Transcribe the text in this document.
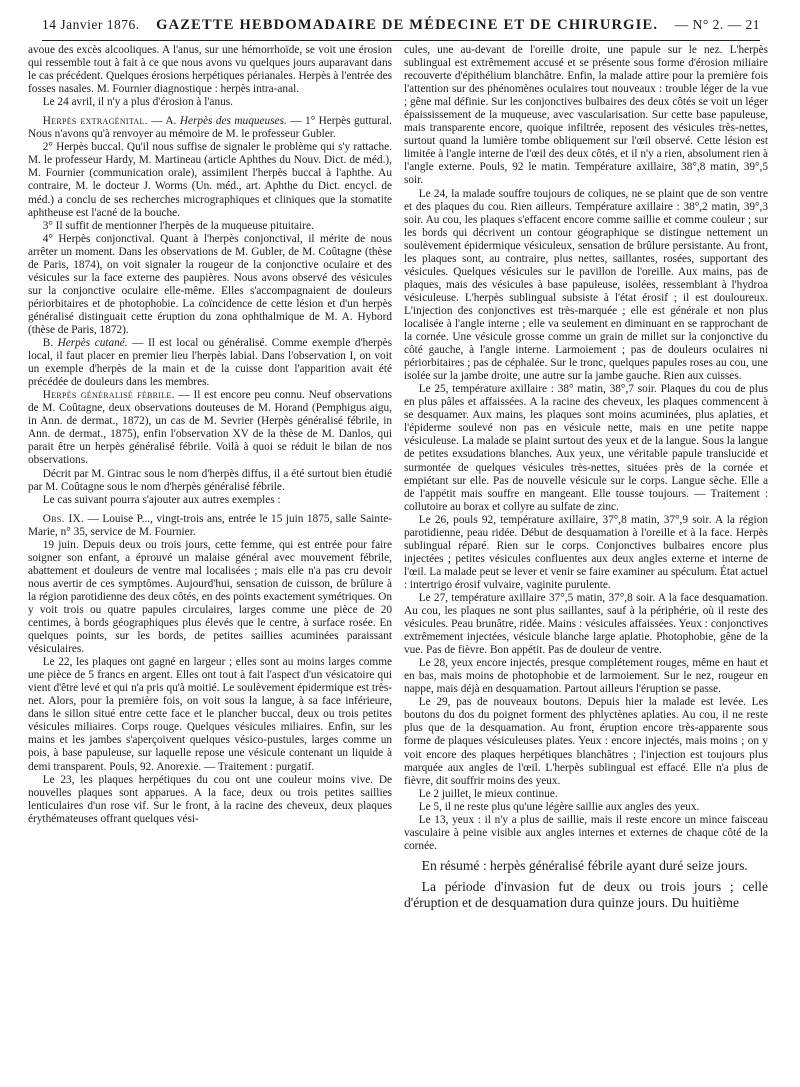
14 Janvier 1876. GAZETTE HEBDOMADAIRE DE MÉDECINE ET DE CHIRURGIE. — N° 2. — 21

avoue des excès alcooliques. A l'anus, sur une hémorrhoïde, se voit une érosion qui ressemble tout à fait à ce que nous avons vu quelques jours auparavant dans le cas précédent. Quelques érosions herpétiques périanales. Herpès à l'entrée des fosses nasales. M. Fournier diagnostique : herpès intra-anal.

Le 24 avril, il n'y a plus d'érosion à l'anus.

Herpès extragénital. — A. Herpès des muqueuses. — 1° Herpès guttural. Nous n'avons qu'à renvoyer au mémoire de M. le professeur Gubler.

2° Herpès buccal. Qu'il nous suffise de signaler le problème qui s'y rattache. M. le professeur Hardy, M. Martineau (article Aphthes du Nouv. Dict. de méd.), M. Fournier (communication orale), assimilent l'herpès buccal à l'aphthe. Au contraire, M. le docteur J. Worms (Un. méd., art. Aphthe du Dict. encycl. de méd.) a conclu de ses recherches micrographiques et cliniques que la stomatite aphtheuse est l'acné de la bouche.

3° Il suffit de mentionner l'herpès de la muqueuse pituitaire.

4° Herpès conjonctival. Quant à l'herpès conjonctival, il mérite de nous arrêter un moment. Dans les observations de M. Gubler, de M. Coûtagne (thèse de Paris, 1874), on voit signaler la rougeur de la conjonctive oculaire et des vésicules sur la face externe des paupières. Nous avons observé des vésicules sur la conjonctive oculaire elle-même. Elles s'accompagnaient de douleurs périorbitaires et de photophobie. La coïncidence de cette lésion et d'un herpès généralisé distinguait cette éruption du zona ophthalmique de M. A. Hybord (thèse de Paris, 1872).

B. Herpès cutané. — Il est local ou généralisé. Comme exemple d'herpès local, il faut placer en premier lieu l'herpès labial. Dans l'observation I, on voit un exemple d'herpès de la main et de la cuisse dont l'apparition avait été précédée de douleurs dans les membres.

Herpès généralisé fébrile. — Il est encore peu connu. Neuf observations de M. Coûtagne, deux observations douteuses de M. Horand (Pemphigus aigu, in Ann. de dermat., 1872), un cas de M. Sevrier (Herpès généralisé fébrile, in Ann. de dermat., 1875), enfin l'observation XV de la thèse de M. Danlos, qui parait être un herpès généralisé fébrile. Voilà à quoi se réduit le bilan de nos observations.

Décrit par M. Gintrac sous le nom d'herpès diffus, il a été surtout bien étudié par M. Coûtagne sous le nom d'herpès généralisé fébrile.

Le cas suivant pourra s'ajouter aux autres exemples :

Obs. IX. — Louise P..., vingt-trois ans, entrée le 15 juin 1875, salle Sainte-Marie, n° 35, service de M. Fournier.

19 juin. Depuis deux ou trois jours, cette femme, qui est entrée pour faire soigner son enfant, a éprouvé un malaise général avec mouvement fébrile, abattement et douleurs de ventre mal localisées ; mais elle n'a pas cru devoir nous avertir de ces symptômes. Aujourd'hui, sensation de cuisson, de brûlure à la région parotidienne des deux côtés, en des points exactement symétriques. On y voit trois ou quatre papules circulaires, larges comme une pièce de 20 centimes, à bords géographiques plus élevés que le centre, à surface rosée. En quelques points, sur les bords, de petites saillies acuminées paraissant vésiculaires.

Le 22, les plaques ont gagné en largeur ; elles sont au moins larges comme une pièce de 5 francs en argent. Elles ont tout à fait l'aspect d'un vésicatoire qui vient d'être levé et qui n'a pris qu'à moitié. Le soulèvement épidermique est très-net. Alors, pour la première fois, on voit sous la langue, à sa face inférieure, dans le sillon situé entre cette face et le plancher buccal, deux ou trois petites vésicules miliaires. Corps rouge. Quelques vésicules miliaires. Enfin, sur les mains et les jambes s'aperçoivent quelques vésico-pustules, larges comme un pois, à base papuleuse, sur laquelle repose une vésicule contenant un liquide à demi transparent. Pouls, 92. Anorexie. — Traitement : purgatif.

Le 23, les plaques herpétiques du cou ont une couleur moins vive. De nouvelles plaques sont apparues. A la face, deux ou trois petites saillies lenticulaires d'un rose vif. Sur le front, à la racine des cheveux, deux plaques érythémateuses offrant quelques vési-

cules, une au-devant de l'oreille droite, une papule sur le nez. L'herpès sublingual est extrêmement accusé et se présente sous forme d'érosion miliaire recouverte d'épithélium blanchâtre. Enfin, la malade attire pour la première fois l'attention sur des phénomènes oculaires tout nouveaux : trouble léger de la vue ; gêne mal définie. Sur les conjonctives bulbaires des deux côtés se voit un léger épaississement de la muqueuse, avec vascularisation. Sur cette base papuleuse, mais transparente encore, quoique infiltrée, reposent des vésicules très-nettes, surtout quand la lumière tombe obliquement sur l'œil observé. Cette lésion est limitée à l'angle interne de l'œil des deux côtés, et il n'y a rien, absolument rien à l'angle externe. Pouls, 92 le matin. Température axillaire, 38°,8 matin, 39°,5 soir.

Le 24, la malade souffre toujours de coliques, ne se plaint que de son ventre et des plaques du cou. Rien ailleurs. Température axillaire : 38°,2 matin, 39°,3 soir. Au cou, les plaques s'effacent encore comme saillie et comme couleur ; sur les bords qui décrivent un contour géographique se distingue nettement un soulèvement épidermique vésiculeux, sensation de brûlure persistante. Au front, les plaques sont, au contraire, plus nettes, saillantes, rosées, supportant des vésicules. Quelques vésicules sur le pavillon de l'oreille. Aux mains, pas de plaques, mais des vésicules à base papuleuse, isolées, ressemblant à l'hydroa vésiculeuse. L'herpès sublingual subsiste à l'état érosif ; il est douloureux. L'injection des conjonctives est très-marquée ; elle est générale et non plus localisée à l'angle interne ; elle va seulement en diminuant en se rapprochant de la cornée. Une vésicule grosse comme un grain de millet sur la conjonctive du côté gauche, à l'angle interne. Larmoiement ; pas de douleurs oculaires ni périorbitaires ; pas de céphalée. Sur le tronc, quelques papules roses au cou, une isolée sur la jambe droite, une autre sur la jambe gauche. Rien aux cuisses.

Le 25, température axillaire : 38° matin, 38°,7 soir. Plaques du cou de plus en plus pâles et affaissées. A la racine des cheveux, les plaques commencent à se desquamer. Aux mains, les plaques sont moins acuminées, plus aplaties, et l'épiderme soulevé non pas en vésicule nette, mais en une petite nappe vésiculeuse. La malade se plaint surtout des yeux et de la langue. Sous la langue de petites exsudations blanches. Aux yeux, une véritable papule translucide et surmontée de quelques vésicules très-nettes, situées près de la cornée et empiétant sur elle. Pas de nouvelle vésicule sur le corps. Langue sèche. Elle a de l'appétit mais souffre en mangeant. Elle tousse toujours. — Traitement : collutoire au borax et collyre au sulfate de zinc.

Le 26, pouls 92, température axillaire, 37°,8 matin, 37°,9 soir. A la région parotidienne, peau ridée. Début de desquamation à l'oreille et à la face. Herpès sublingual réparé. Rien sur le corps. Conjonctives bulbaires encore plus injectées ; petites vésicules confluentes aux deux angles externe et interne de l'œil. La malade peut se lever et venir se faire examiner au spéculum. État actuel : intertrigo érosif vulvaire, vaginite purulente.

Le 27, température axillaire 37°,5 matin, 37°,8 soir. A la face desquamation. Au cou, les plaques ne sont plus saillantes, sauf à la périphérie, où il reste des vésicules. Peau brunâtre, ridée. Mains : vésicules affaissées. Yeux : conjonctives extrêmement injectées, vésicule blanche large aplatie. Photophobie, gêne de la vue. Pas de fièvre. Bon appétit. Pas de douleur de ventre.

Le 28, yeux encore injectés, presque complétement rouges, même en haut et en bas, mais moins de photophobie et de larmoiement. Sur le nez, rougeur en nappe, mais déjà en desquamation. Partout ailleurs l'éruption se passe.

Le 29, pas de nouveaux boutons. Depuis hier la malade est levée. Les boutons du dos du poignet forment des phlyctènes aplaties. Au cou, il ne reste plus que de la desquamation. Au front, éruption encore très-apparente sous forme de plaques vésiculeuses plates. Yeux : encore injectés, mais moins ; on y voit encore des plaques herpétiques blanchâtres ; l'injection est toujours plus marquée aux angles de l'œil. L'herpès sublingual est effacé. Elle n'a plus de fièvre, dit souffrir moins des yeux.

Le 2 juillet, le mieux continue.

Le 5, il ne reste plus qu'une légère saillie aux angles des yeux.

Le 13, yeux : il n'y a plus de saillie, mais il reste encore un mince faisceau vasculaire à peine visible aux angles internes et externes de chaque côté de la cornée.

En résumé : herpès généralisé fébrile ayant duré seize jours.

La période d'invasion fut de deux ou trois jours ; celle d'éruption et de desquamation dura quinze jours. Du huitième
